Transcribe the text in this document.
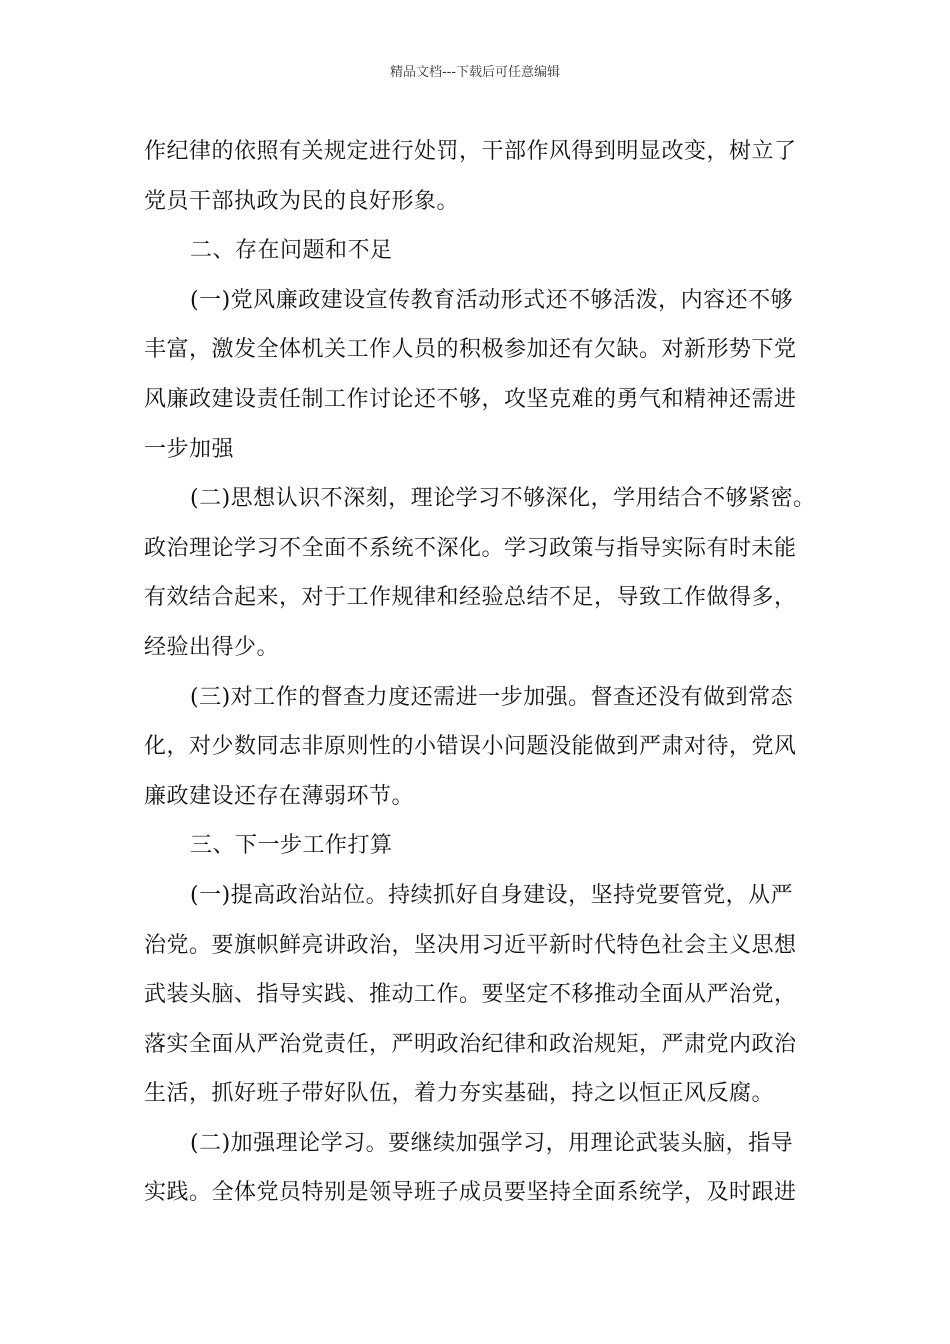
精品文档---下载后可任意编辑
作纪律的依照有关规定进行处罚，干部作风得到明显改变，树立了
党员干部执政为民的良好形象。
二、存在问题和不足
(一)党风廉政建设宣传教育活动形式还不够活泼，内容还不够
丰富，激发全体机关工作人员的积极参加还有欠缺。对新形势下党
风廉政建设责任制工作讨论还不够，攻坚克难的勇气和精神还需进
一步加强
(二)思想认识不深刻，理论学习不够深化，学用结合不够紧密。
政治理论学习不全面不系统不深化。学习政策与指导实际有时未能
有效结合起来，对于工作规律和经验总结不足，导致工作做得多，
经验出得少。
(三)对工作的督查力度还需进一步加强。督查还没有做到常态
化，对少数同志非原则性的小错误小问题没能做到严肃对待，党风
廉政建设还存在薄弱环节。
三、下一步工作打算
(一)提高政治站位。持续抓好自身建设，坚持党要管党，从严
治党。要旗帜鲜亮讲政治，坚决用习近平新时代特色社会主义思想
武装头脑、指导实践、推动工作。要坚定不移推动全面从严治党，
落实全面从严治党责任，严明政治纪律和政治规矩，严肃党内政治
生活，抓好班子带好队伍，着力夯实基础，持之以恒正风反腐。
(二)加强理论学习。要继续加强学习，用理论武装头脑，指导
实践。全体党员特别是领导班子成员要坚持全面系统学，及时跟进
